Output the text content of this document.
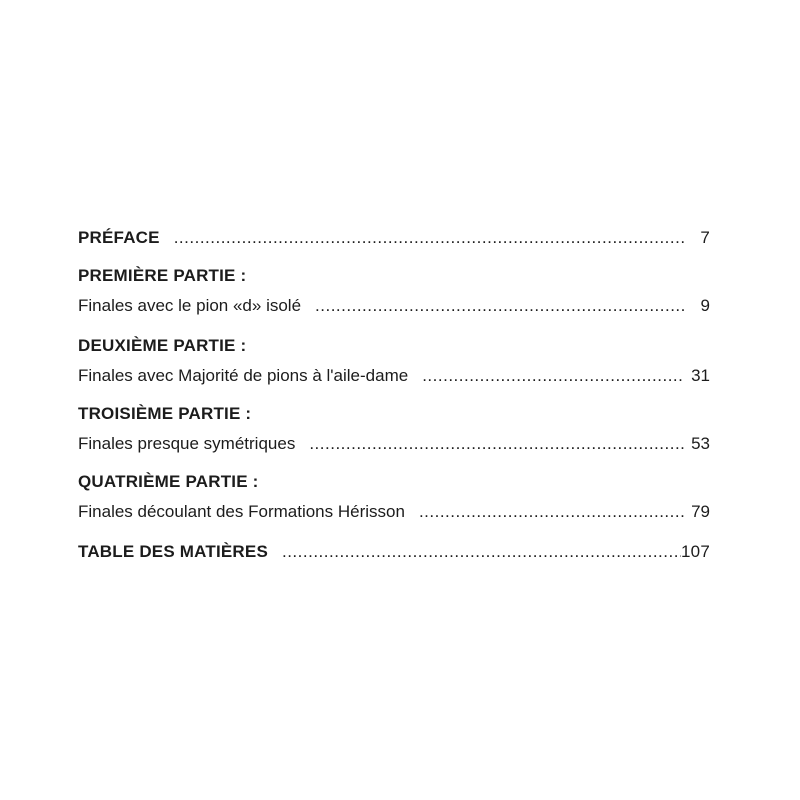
PRÉFACE .....	7
PREMIÈRE PARTIE :
Finales avec le pion «d» isolé .....	9
DEUXIÈME PARTIE :
Finales avec Majorité de pions à l'aile-dame .....	31
TROISIÈME PARTIE :
Finales presque symétriques .....	53
QUATRIÈME PARTIE :
Finales découlant des Formations Hérisson .....	79
TABLE DES MATIÈRES .....	107
